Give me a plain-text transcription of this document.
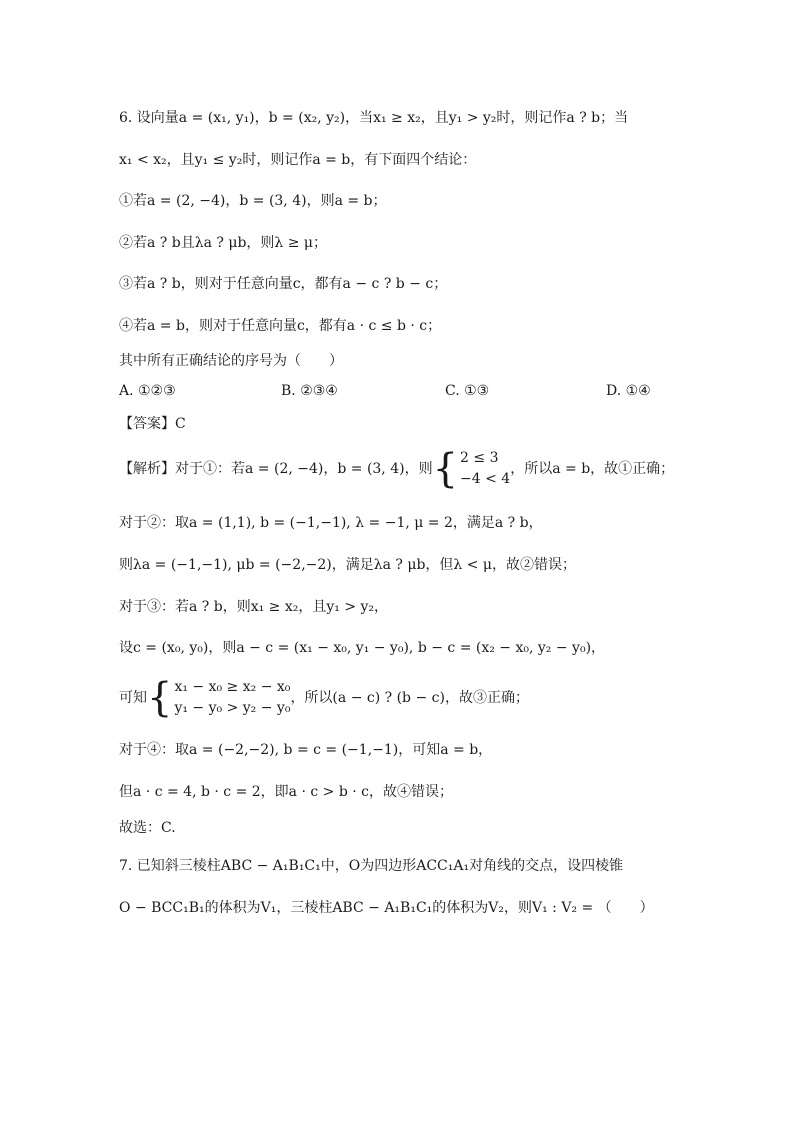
6. 设向量a = (x₁, y₁)，b = (x₂, y₂)，当x₁ ≥ x₂，且y₁ > y₂时，则记作a ? b；当
x₁ < x₂，且y₁ ≤ y₂时，则记作a = b，有下面四个结论：
①若a = (2, −4)，b = (3, 4)，则a = b；
②若a ? b且λa ? μb，则λ ≥ μ；
③若a ? b，则对于任意向量c，都有a − c ? b − c；
④若a = b，则对于任意向量c，都有a · c ≤ b · c；
其中所有正确结论的序号为（　　）
A. ①②③	B. ②③④	C. ①③	D. ①④
【答案】C
【解析】对于①：若a = (2, −4)，b = (3, 4)，则 { 2 ≤ 3
−4 < 4
，所以a = b，故①正确；
对于②：取a = (1,1), b = (−1,−1), λ = −1, μ = 2，满足a ? b，
则λa = (−1,−1), μb = (−2,−2)，满足λa ? μb，但λ < μ，故②错误；
对于③：若a ? b，则x₁ ≥ x₂，且y₁ > y₂，
设c = (x₀, y₀)，则a − c = (x₁ − x₀, y₁ − y₀), b − c = (x₂ − x₀, y₂ − y₀)，
可知 { x₁ − x₀ ≥ x₂ − x₀
y₁ − y₀ > y₂ − y₀
，所以(a − c) ? (b − c)，故③正确；
对于④：取a = (−2,−2), b = c = (−1,−1)，可知a = b，
但a · c = 4, b · c = 2，即a · c > b · c，故④错误；
故选：C.
7. 已知斜三棱柱ABC − A₁B₁C₁中，O为四边形ACC₁A₁对角线的交点，设四棱锥
O − BCC₁B₁的体积为V₁，三棱柱ABC − A₁B₁C₁的体积为V₂，则V₁ : V₂ = （　　）
